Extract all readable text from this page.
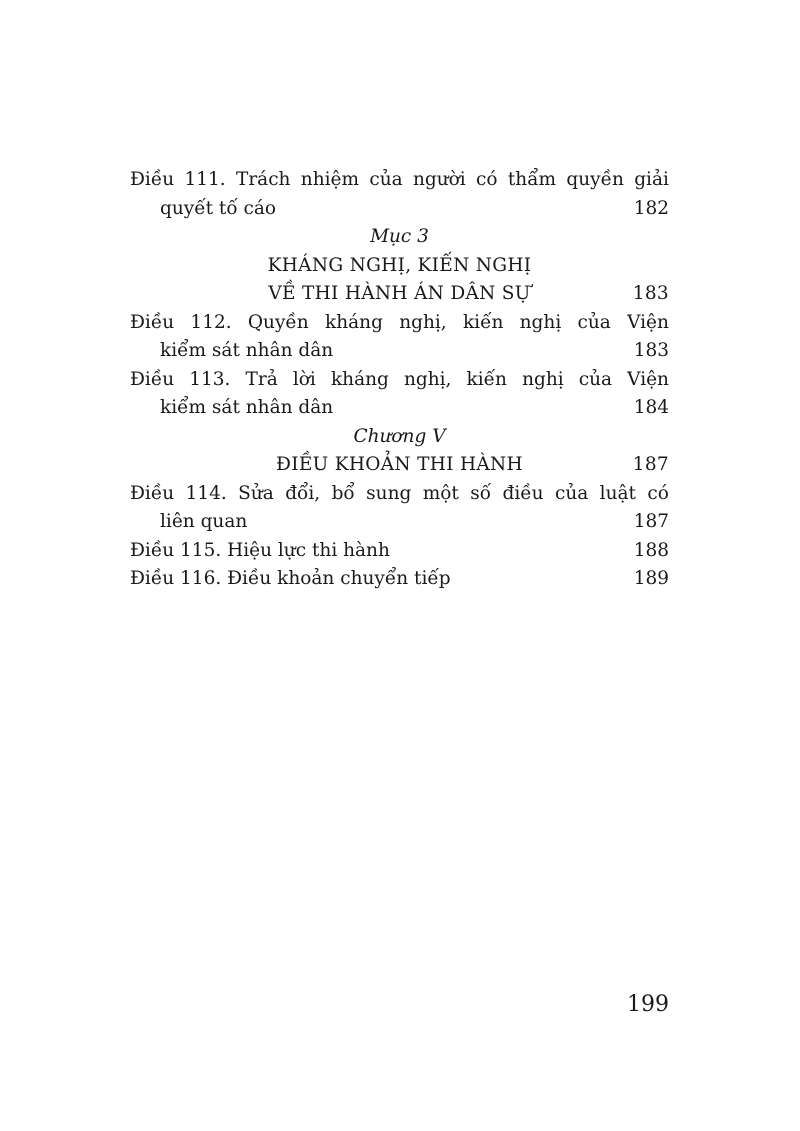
Điều 111. Trách nhiệm của người có thẩm quyền giải
quyết tố cáo	182
Mục 3
KHÁNG NGHỊ, KIẾN NGHỊ
VỀ THI HÀNH ÁN DÂN SỰ	183
Điều 112. Quyền kháng nghị, kiến nghị của Viện
kiểm sát nhân dân	183
Điều 113. Trả lời kháng nghị, kiến nghị của Viện
kiểm sát nhân dân	184
Chương V
ĐIỀU KHOẢN THI HÀNH	187
Điều 114. Sửa đổi, bổ sung một số điều của luật có
liên quan	187
Điều 115. Hiệu lực thi hành	188
Điều 116. Điều khoản chuyển tiếp	189
199
